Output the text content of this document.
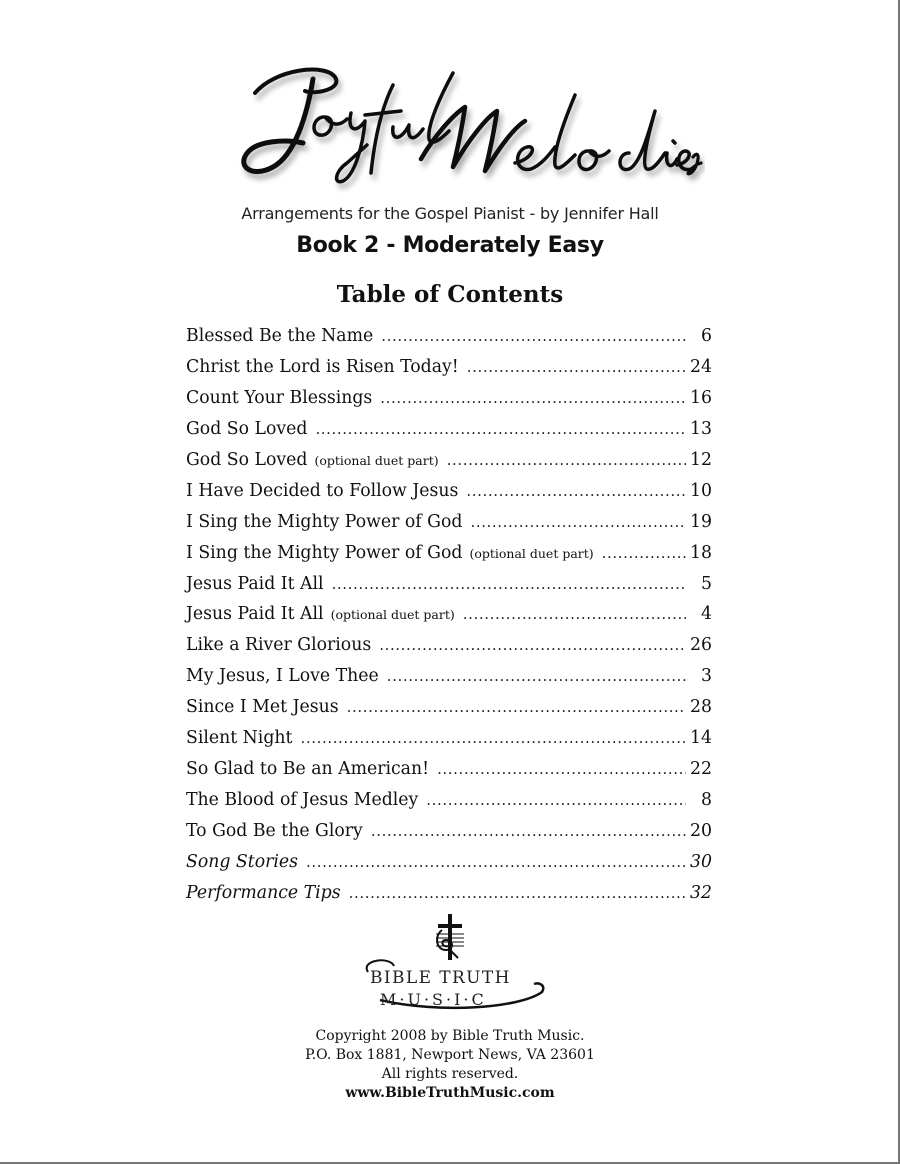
Arrangements for the Gospel Pianist - by Jennifer Hall
Book 2 - Moderately Easy
Table of Contents
Blessed Be the Name .....	6
Christ the Lord is Risen Today! .....	24
Count Your Blessings .....	16
God So Loved .....	13
God So Loved (optional duet part) .....	12
I Have Decided to Follow Jesus .....	10
I Sing the Mighty Power of God .....	19
I Sing the Mighty Power of God (optional duet part) .....	18
Jesus Paid It All .....	5
Jesus Paid It All (optional duet part) .....	4
Like a River Glorious .....	26
My Jesus, I Love Thee .....	3
Since I Met Jesus .....	28
Silent Night .....	14
So Glad to Be an American! .....	22
The Blood of Jesus Medley .....	8
To God Be the Glory .....	20
Song Stories .....	30
Performance Tips .....	32
BIBLE TRUTH
M·U·S·I·C
Copyright 2008 by Bible Truth Music.
P.O. Box 1881, Newport News, VA 23601
All rights reserved.
www.BibleTruthMusic.com
